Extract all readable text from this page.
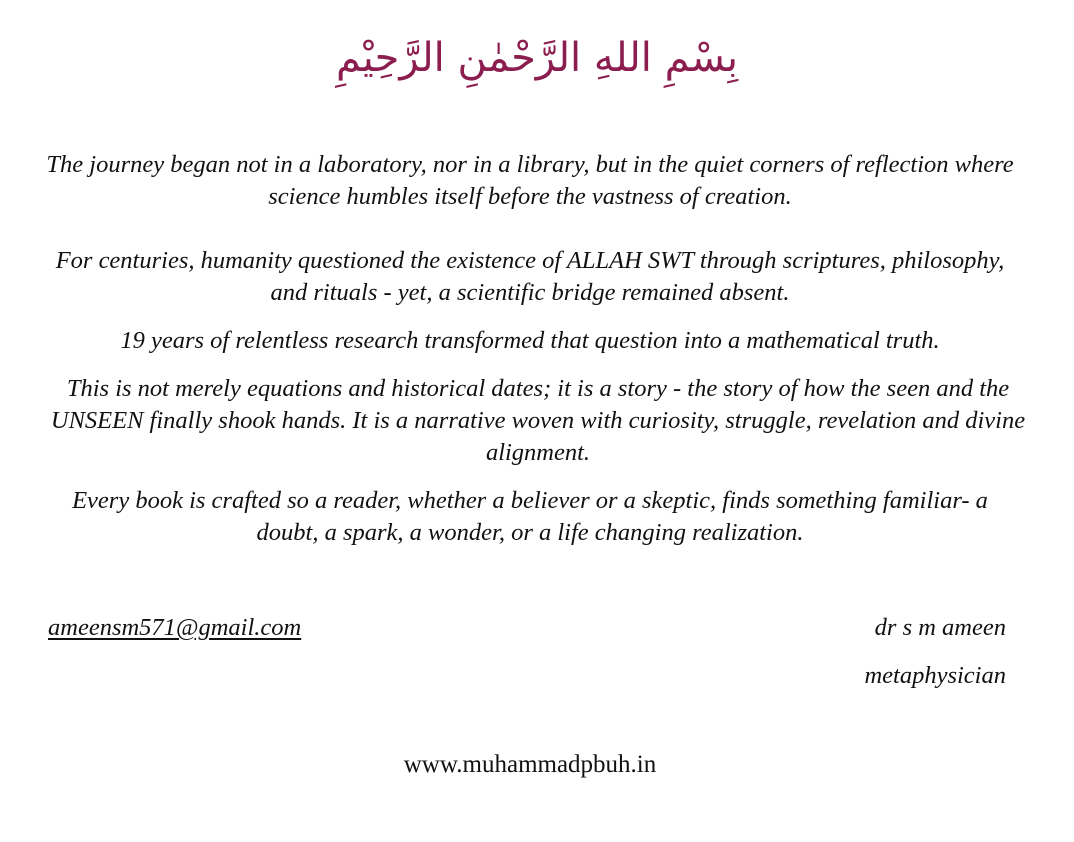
بِسْمِ اللهِ الرَّحْمٰنِ الرَّحِيْمِ

The journey began not in a laboratory, nor in a library, but in the quiet corners of reflection where science humbles itself before the vastness of creation.

For centuries, humanity questioned the existence of ALLAH SWT through scriptures, philosophy, and rituals - yet, a scientific bridge remained absent.

19 years of relentless research transformed that question into a mathematical truth.

This is not merely equations and historical dates; it is a story - the story of how the seen and the UNSEEN finally shook hands. It is a narrative woven with curiosity, struggle, revelation and divine alignment.

Every book is crafted so a reader, whether a believer or a skeptic, finds something familiar- a doubt, a spark, a wonder, or a life changing realization.

ameensm571@gmail.com	dr s m ameen
metaphysician
www.muhammadpbuh.in
